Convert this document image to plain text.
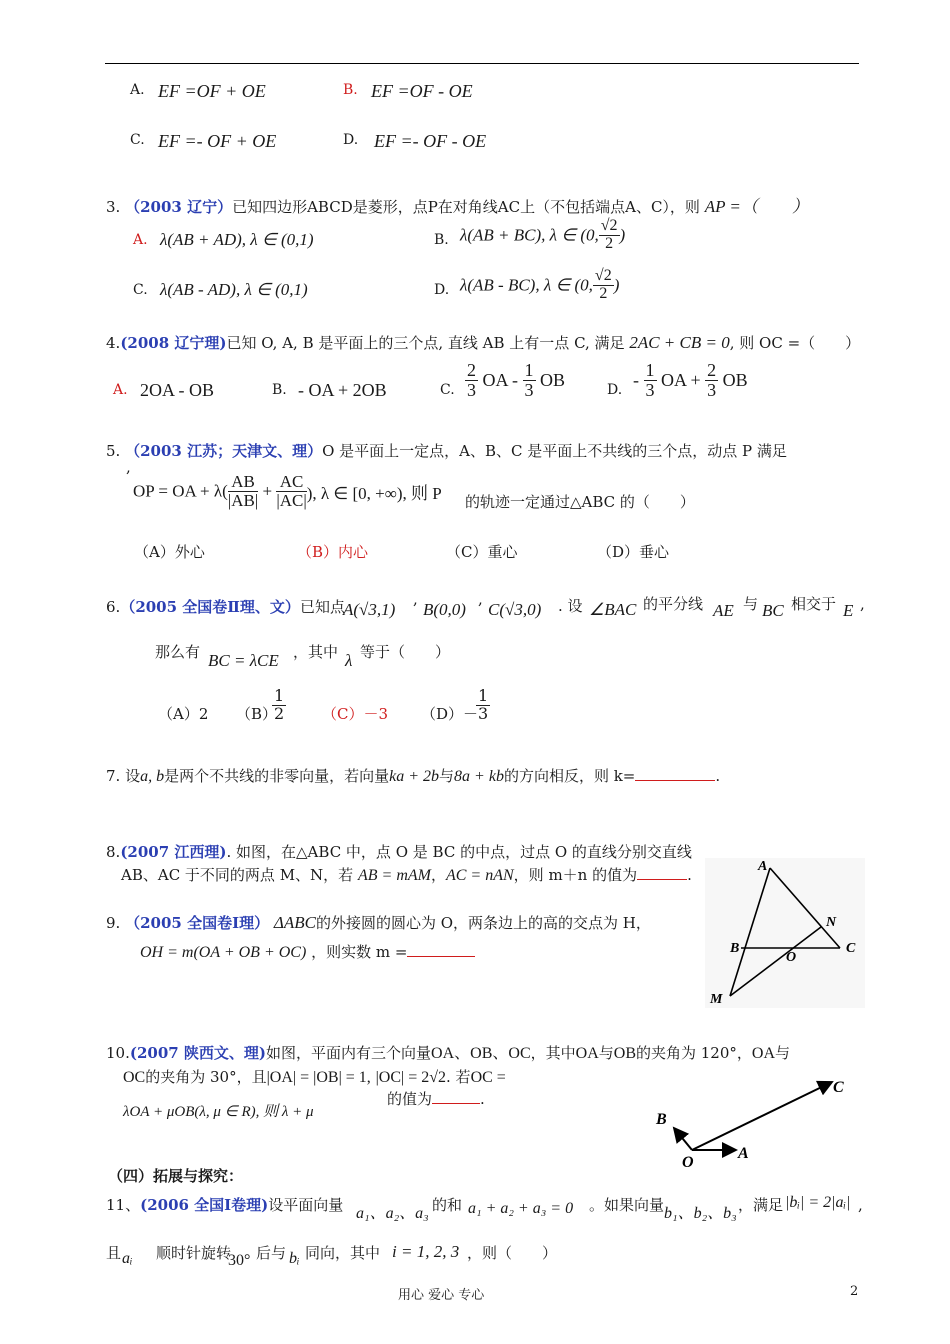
A. EF =OF + OE	B. EF =OF - OE
C. EF =- OF + OE	D. EF =- OF - OE
3. （2003 辽宁）已知四边形ABCD是菱形，点P在对角线AC上（不包括端点A、C），则 AP =（　　）
A. λ(AB + AD), λ ∈ (0,1)	B. λ(AB + BC), λ ∈ (0, $\frac{√2}{2}$ )
C. λ(AB - AD), λ ∈ (0,1)	D. λ(AB - BC), λ ∈ (0, $\frac{√2}{2}$ )
4.(2008 辽宁理)已知 O, A, B 是平面上的三个点, 直线 AB 上有一点 C, 满足 2AC + CB = 0, 则 OC =（　　）
A. 2OA - OB	B. - OA + 2OB	C. $\frac{2}{3}$ OA - $\frac{1}{3}$ OB
D.
- $\frac{1}{3}$ OA + $\frac{2}{3}$ OB
5. （2003 江苏；天津文、理）O 是平面上一定点，A、B、C 是平面上不共线的三个点，动点 P 满足
,
OP = OA + $\lambda( \frac{AB}{|AB|} + \frac{AC}{|AC|}$ ), λ ∈ [0, +∞), 则 P 的轨迹一定通过△ABC 的（　　）
（A）外心	（B）内心	（C）重心	（D）垂心
6.（2005 全国卷Ⅱ理、文）已知点
A(√3,1)
,
B(0,0)
,
C(√3,0) . 设 ∠BAC 的平分线 AE 与 BC 相交于 E ,
那么有 BC = λCE ，其中 λ 等于（　　）
（A）2 （B）
$\frac{1}{2} (C)-3$ （D）－
$\frac{1}{3}$
7. 设a, b是两个不共线的非零向量，若向量ka + 2b与8a + kb的方向相反，则 k=	.
8.(2007 江西理). 如图，在△ABC 中，点 O 是 BC 的中点，过点 O 的直线分别交直线
AB、AC 于不同的两点 M、N，若 AB = mAM，AC = nAN，则 m＋n 的值为	.
9. （2005 全国卷Ⅰ理） ΔABC的外接圆的圆心为 O，两条边上的高的交点为 H，
OH = m(OA + OB + OC) ，则实数 m =
A
B	C
M
N
O
10.(2007 陕西文、理)如图，平面内有三个向量OA、OB、OC，其中OA与OB的夹角为 120°，OA与
OC的夹角为 30°，且|OA| = |OB| = 1, |OC| = 2√2. 若OC =
λOA + μOB(λ, μ ∈ R), 则 λ + μ
的值为	.
C
A
B
O
（四）拓展与探究：
11、(2006 全国Ⅰ卷理)设平面向量 a₁、a₂、a₃ 的和 a₁ + a₂ + a₃ = 0 。如果向量 b₁、b₂、b₃ ，满足 |bᵢ| = 2|aᵢ| ,
且 aᵢ 顺时针旋转
30° 后与 bᵢ 同向，其中 i = 1, 2, 3 ，则（　　）
用心 爱心 专心	2
